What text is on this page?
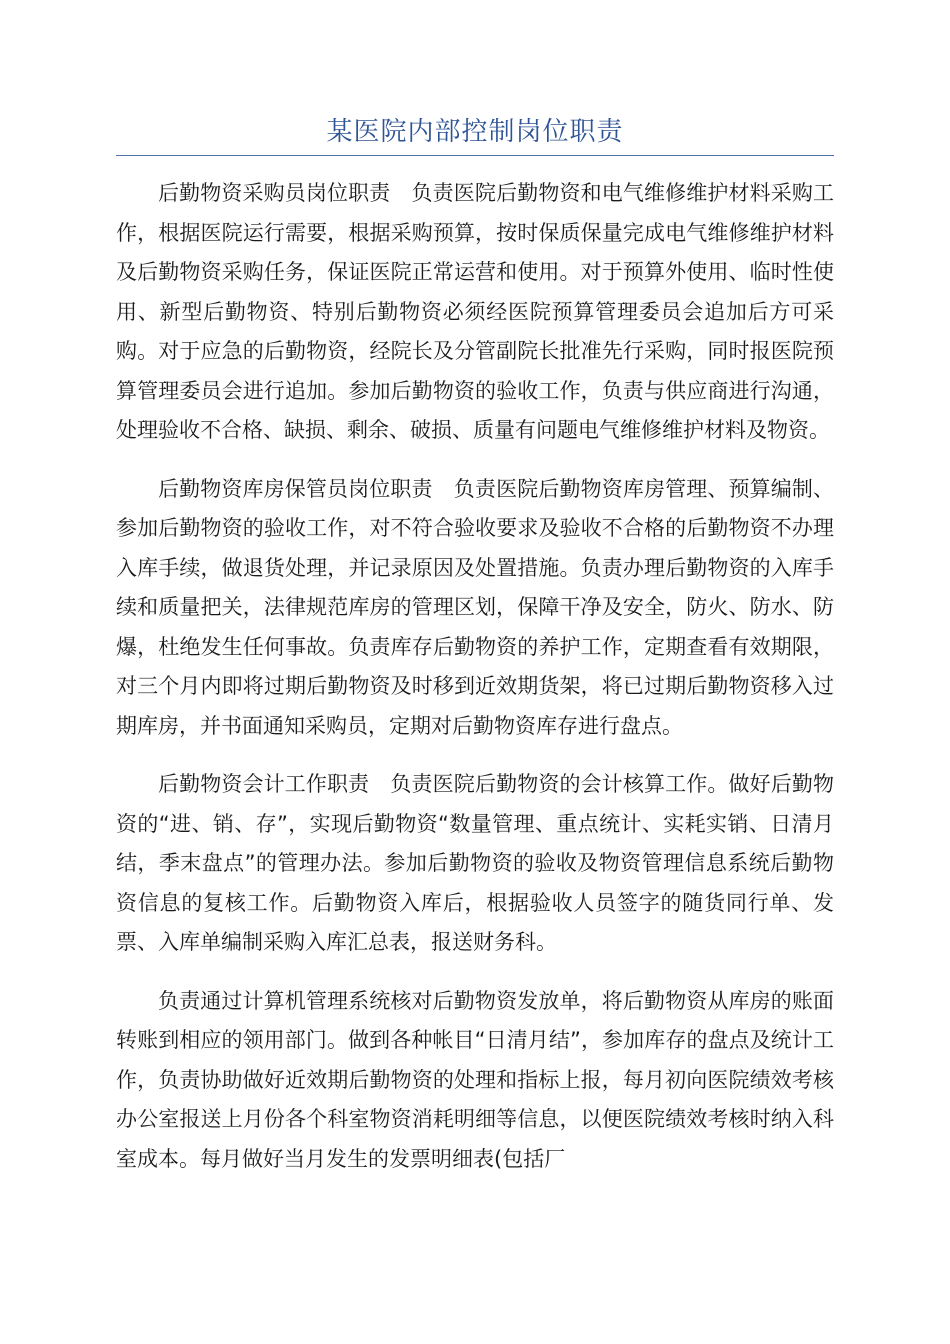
某医院内部控制岗位职责

后勤物资采购员岗位职责　负责医院后勤物资和电气维修维护材料采购工作，根据医院运行需要，根据采购预算，按时保质保量完成电气维修维护材料及后勤物资采购任务，保证医院正常运营和使用。对于预算外使用、临时性使用、新型后勤物资、特别后勤物资必须经医院预算管理委员会追加后方可采购。对于应急的后勤物资，经院长及分管副院长批准先行采购，同时报医院预算管理委员会进行追加。参加后勤物资的验收工作，负责与供应商进行沟通，处理验收不合格、缺损、剩余、破损、质量有问题电气维修维护材料及物资。

后勤物资库房保管员岗位职责　负责医院后勤物资库房管理、预算编制、参加后勤物资的验收工作，对不符合验收要求及验收不合格的后勤物资不办理入库手续，做退货处理，并记录原因及处置措施。负责办理后勤物资的入库手续和质量把关，法律规范库房的管理区划，保障干净及安全，防火、防水、防爆，杜绝发生任何事故。负责库存后勤物资的养护工作，定期查看有效期限，对三个月内即将过期后勤物资及时移到近效期货架，将已过期后勤物资移入过期库房，并书面通知采购员，定期对后勤物资库存进行盘点。

后勤物资会计工作职责　负责医院后勤物资的会计核算工作。做好后勤物资的“进、销、存”，实现后勤物资“数量管理、重点统计、实耗实销、日清月结，季末盘点”的管理办法。参加后勤物资的验收及物资管理信息系统后勤物资信息的复核工作。后勤物资入库后，根据验收人员签字的随货同行单、发票、入库单编制采购入库汇总表，报送财务科。

负责通过计算机管理系统核对后勤物资发放单，将后勤物资从库房的账面转账到相应的领用部门。做到各种帐目“日清月结”，参加库存的盘点及统计工作，负责协助做好近效期后勤物资的处理和指标上报，每月初向医院绩效考核办公室报送上月份各个科室物资消耗明细等信息，以便医院绩效考核时纳入科室成本。每月做好当月发生的发票明细表(包括厂
